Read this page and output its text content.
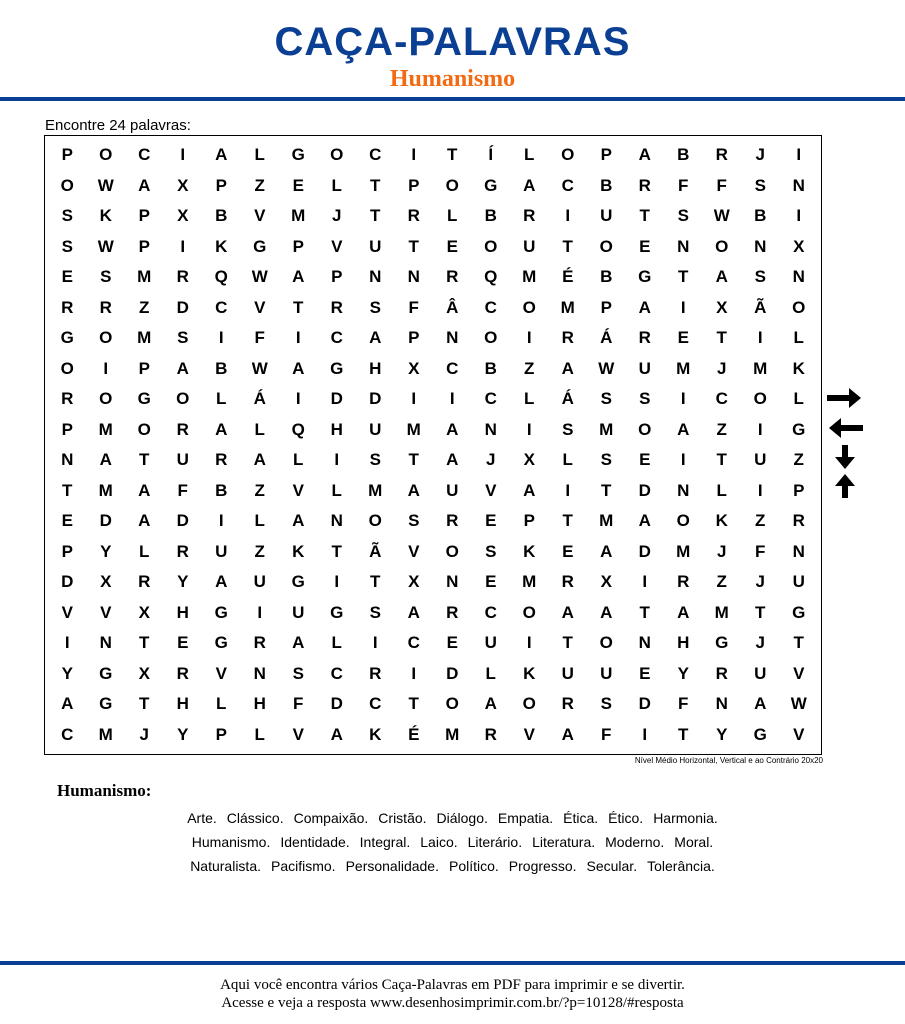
CAÇA-PALAVRAS
Humanismo
Encontre 24 palavras:
P	O	C	I	A	L	G	O	C	I	T	Í	L	O	P	A	B	R	J	I
O	W	A	X	P	Z	E	L	T	P	O	G	A	C	B	R	F	F	S	N
S	K	P	X	B	V	M	J	T	R	L	B	R	I	U	T	S	W	B	I
S	W	P	I	K	G	P	V	U	T	E	O	U	T	O	E	N	O	N	X
E	S	M	R	Q	W	A	P	N	N	R	Q	M	É	B	G	T	A	S	N
R	R	Z	D	C	V	T	R	S	F	Â	C	O	M	P	A	I	X	Ã	O
G	O	M	S	I	F	I	C	A	P	N	O	I	R	Á	R	E	T	I	L
O	I	P	A	B	W	A	G	H	X	C	B	Z	A	W	U	M	J	M	K
R	O	G	O	L	Á	I	D	D	I	I	C	L	Á	S	S	I	C	O	L
P	M	O	R	A	L	Q	H	U	M	A	N	I	S	M	O	A	Z	I	G
N	A	T	U	R	A	L	I	S	T	A	J	X	L	S	E	I	T	U	Z
T	M	A	F	B	Z	V	L	M	A	U	V	A	I	T	D	N	L	I	P
E	D	A	D	I	L	A	N	O	S	R	E	P	T	M	A	O	K	Z	R
P	Y	L	R	U	Z	K	T	Ã	V	O	S	K	E	A	D	M	J	F	N
D	X	R	Y	A	U	G	I	T	X	N	E	M	R	X	I	R	Z	J	U
V	V	X	H	G	I	U	G	S	A	R	C	O	A	A	T	A	M	T	G
I	N	T	E	G	R	A	L	I	C	E	U	I	T	O	N	H	G	J	T
Y	G	X	R	V	N	S	C	R	I	D	L	K	U	U	E	Y	R	U	V
A	G	T	H	L	H	F	D	C	T	O	A	O	R	S	D	F	N	A	W
C	M	J	Y	P	L	V	A	K	É	M	R	V	A	F	I	T	Y	G	V
Nível Médio Horizontal, Vertical e ao Contrário 20x20
Humanismo:
Arte. Clássico. Compaixão. Cristão. Diálogo. Empatia. Ética. Ético. Harmonia.
Humanismo. Identidade. Integral. Laico. Literário. Literatura. Moderno. Moral.
Naturalista. Pacifismo. Personalidade. Político. Progresso. Secular. Tolerância.
Aqui você encontra vários Caça-Palavras em PDF para imprimir e se divertir.
Acesse e veja a resposta www.desenhosimprimir.com.br/?p=10128/#resposta
